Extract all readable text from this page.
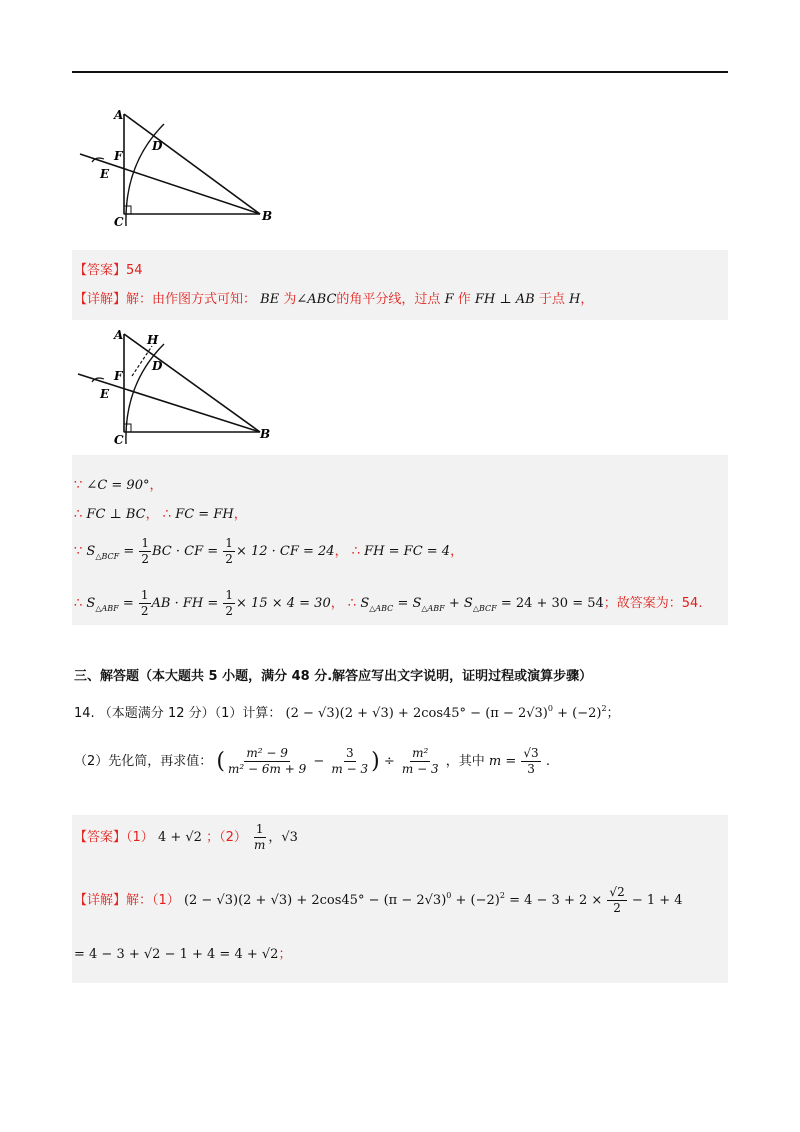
A
D
F
E
C	B
【答案】54
【详解】解：由作图方式可知： BE 为∠ABC的角平分线，过点 F 作 FH ⊥ AB 于点 H，
A H
D
F
E
C	B
∵ ∠C = 90°，
∴ FC ⊥ BC， ∴ FC = FH，
∵ $S_{\triangle BCF} = \frac{1}{2}$ BC · CF = $\frac{1}{2} \times 12$ · CF = 24， ∴ FH = FC = 4，
∴ $S_{\triangle ABF} = \frac{1}{2}$ AB · FH = $\frac{1}{2} \times 15 \times 4 = 30$， ∴ $S_{\triangle ABC} = S_{\triangle ABF} + S_{\triangle BCF} = 24 + 30 = 54$；故答案为：54.
三、解答题（本大题共 5 小题，满分 48 分.解答应写出文字说明，证明过程或演算步骤）
14. （本题满分 12 分）（1）计算： $(2 - √3)(2 + √3) + 2\cos 45^\circ - (\pi - 2√3)^0 + (-2)^2$；
（2）先化简，再求值： ( $\frac{\text{m² − 9}}{\text{m² − 6m + 9}} - \frac{3}{m - 3}$ ) ÷ $\frac{\text{m²}}{m - 3}$ ，其中 $m = \frac{√3}{3}$ .
【答案】（1） 4 + √2 ；$(2) \frac{1}{m}$ ，√3
【详解】解：（1） $(2 - √3)(2 + √3) + 2\cos 45^\circ - (\pi - 2√3)^0 + (-2)^2 = 4 - 3 + 2 \times \frac{√2}{2} - 1 + 4$
= 4 − 3 + √2 − 1 + 4 = 4 + √2；
